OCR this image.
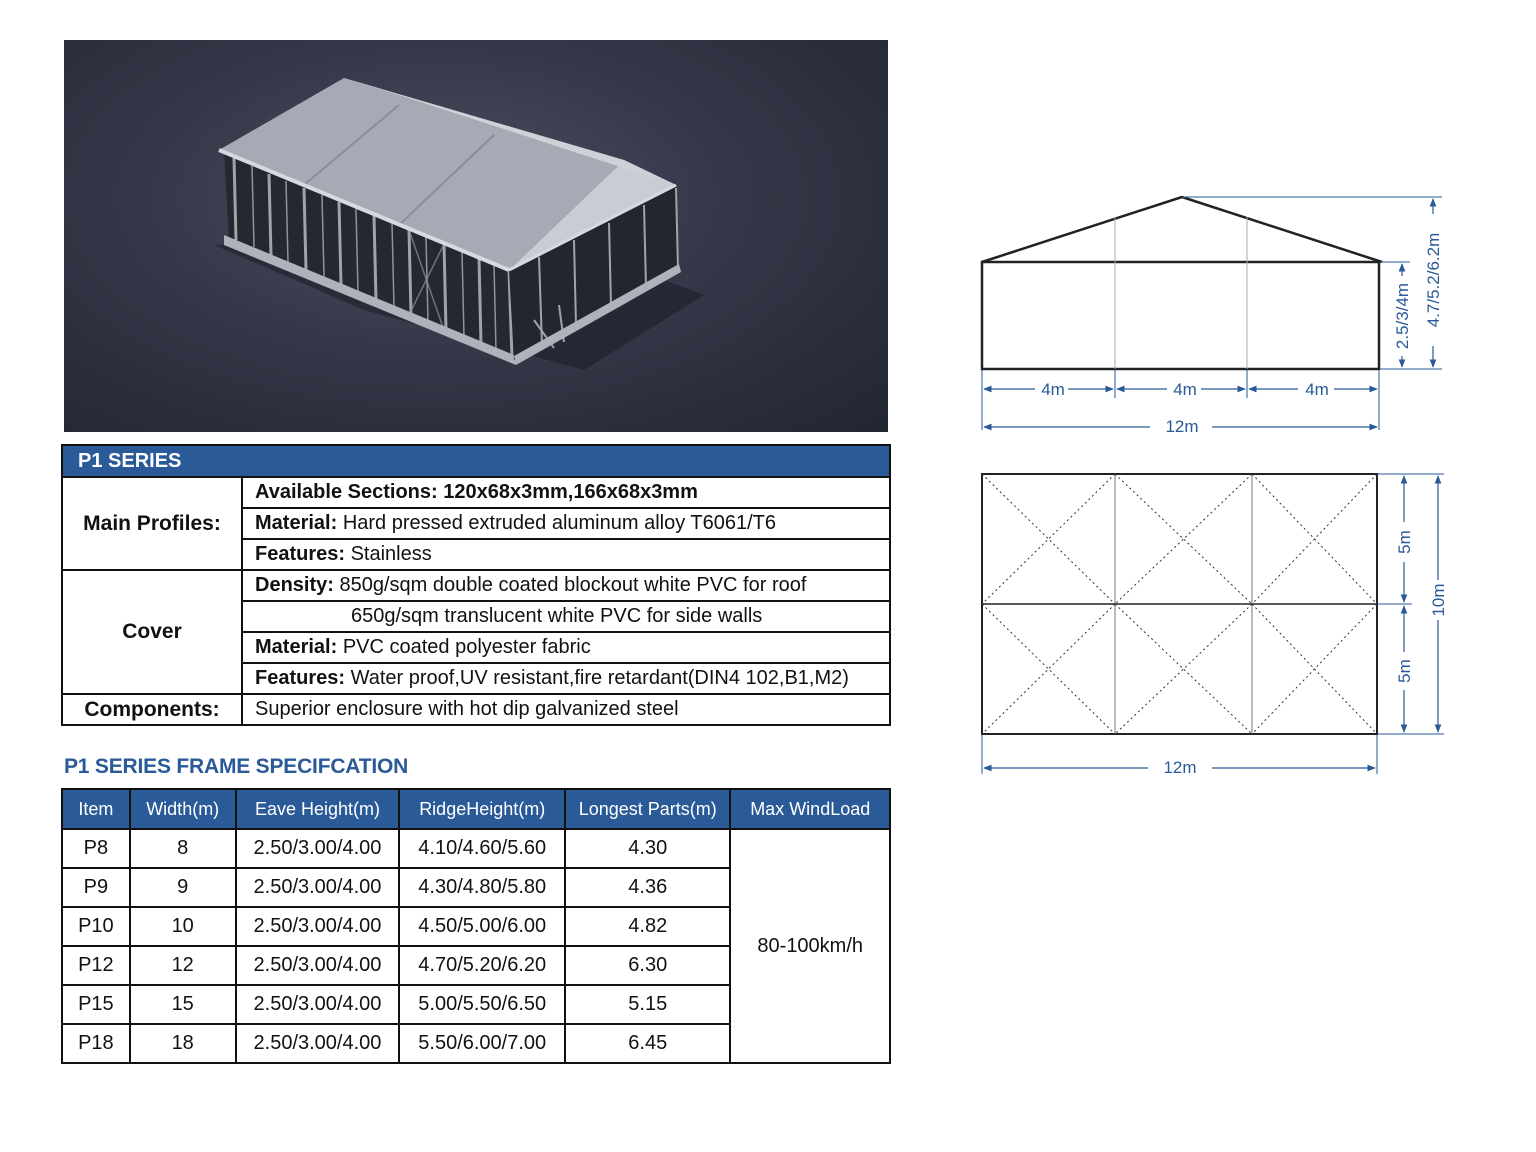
P1 SERIES	
Main Profiles:	Available Sections: 120x68x3mm,166x68x3mm
	Material: Hard pressed extruded aluminum alloy T6061/T6
	Features: Stainless
Cover	Density: 850g/sqm double coated blockout white PVC for roof
	650g/sqm translucent white PVC for side walls
	Material: PVC coated polyester fabric
	Features: Water proof,UV resistant,fire retardant(DIN4 102,B1,M2)
Components:	Superior enclosure with hot dip galvanized steel
P1 SERIES FRAME SPECIFCATION
Item	Width(m)	Eave Height(m)	RidgeHeight(m)	Longest Parts(m)	Max WindLoad
P8	8	2.50/3.00/4.00	4.10/4.60/5.60	4.30	80-100km/h
P9	9	2.50/3.00/4.00	4.30/4.80/5.80	4.36	
P10	10	2.50/3.00/4.00	4.50/5.00/6.00	4.82	
P12	12	2.50/3.00/4.00	4.70/5.20/6.20	6.30	
P15	15	2.50/3.00/4.00	5.00/5.50/6.50	5.15	
P18	18	2.50/3.00/4.00	5.50/6.00/7.00	6.45	
4m	4m	4m
12m
2.5/3/4m 4.7/5.2/6.2m
5m
5m
10m
12m
